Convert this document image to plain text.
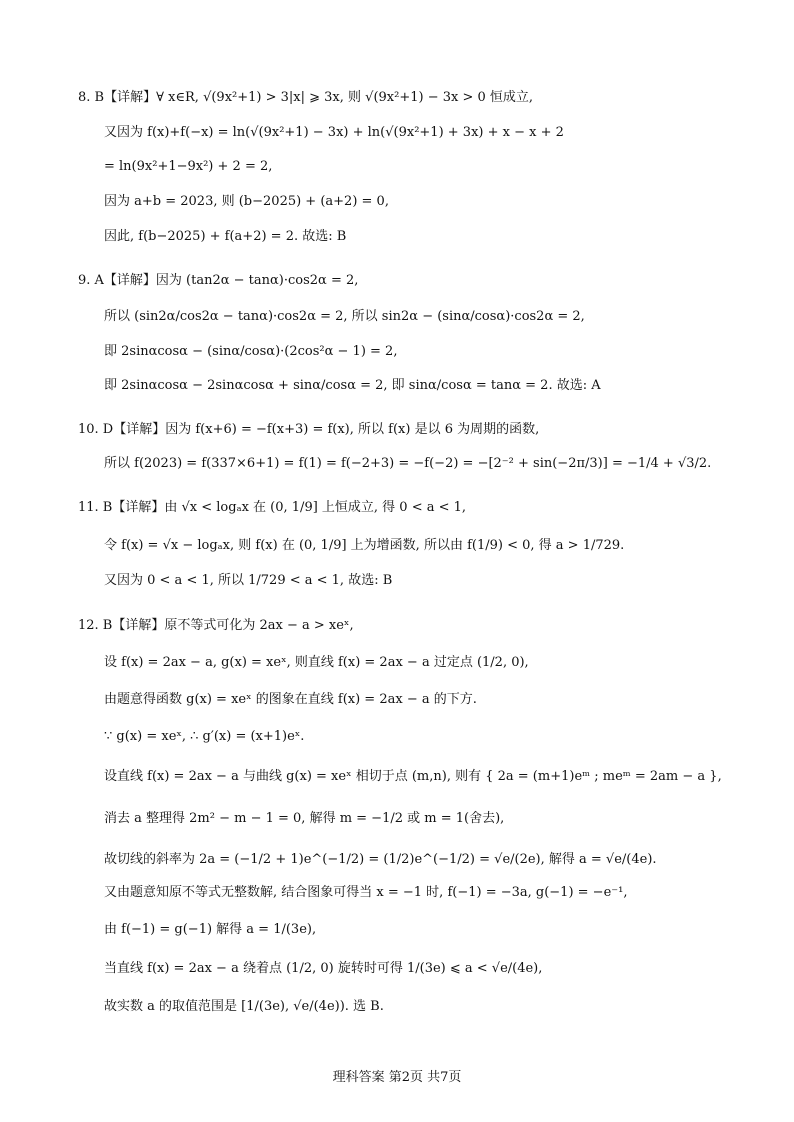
8. B【详解】∀ x∈R, √(9x²+1) > 3|x| ⩾ 3x, 则 √(9x²+1) − 3x > 0 恒成立,
又因为 f(x)+f(−x) = ln(√(9x²+1) − 3x) + ln(√(9x²+1) + 3x) + x − x + 2
= ln(9x²+1−9x²) + 2 = 2,
因为 a+b = 2023, 则 (b−2025) + (a+2) = 0,
因此, f(b−2025) + f(a+2) = 2. 故选: B
9. A【详解】因为 (tan2α − tanα)·cos2α = 2,
所以 (sin2α/cos2α − tanα)·cos2α = 2, 所以 sin2α − (sinα/cosα)·cos2α = 2,
即 2sinαcosα − (sinα/cosα)·(2cos²α − 1) = 2,
即 2sinαcosα − 2sinαcosα + sinα/cosα = 2, 即 sinα/cosα = tanα = 2. 故选: A
10. D【详解】因为 f(x+6) = −f(x+3) = f(x), 所以 f(x) 是以 6 为周期的函数,
所以 f(2023) = f(337×6+1) = f(1) = f(−2+3) = −f(−2) = −[2⁻² + sin(−2π/3)] = −1/4 + √3/2.
11. B【详解】由 √x < logₐx 在 (0, 1/9] 上恒成立, 得 0 < a < 1,
令 f(x) = √x − logₐx, 则 f(x) 在 (0, 1/9] 上为增函数, 所以由 f(1/9) < 0, 得 a > 1/729.
又因为 0 < a < 1, 所以 1/729 < a < 1, 故选: B
12. B【详解】原不等式可化为 2ax − a > xeˣ,
设 f(x) = 2ax − a, g(x) = xeˣ, 则直线 f(x) = 2ax − a 过定点 (1/2, 0),
由题意得函数 g(x) = xeˣ 的图象在直线 f(x) = 2ax − a 的下方.
∵ g(x) = xeˣ, ∴ g′(x) = (x+1)eˣ.
设直线 f(x) = 2ax − a 与曲线 g(x) = xeˣ 相切于点 (m,n), 则有 { 2a = (m+1)eᵐ ; meᵐ = 2am − a },
消去 a 整理得 2m² − m − 1 = 0, 解得 m = −1/2 或 m = 1(舍去),
故切线的斜率为 2a = (−1/2 + 1)e^(−1/2) = (1/2)e^(−1/2) = √e/(2e), 解得 a = √e/(4e).
又由题意知原不等式无整数解, 结合图象可得当 x = −1 时, f(−1) = −3a, g(−1) = −e⁻¹,
由 f(−1) = g(−1) 解得 a = 1/(3e),
当直线 f(x) = 2ax − a 绕着点 (1/2, 0) 旋转时可得 1/(3e) ⩽ a < √e/(4e),
故实数 a 的取值范围是 [1/(3e), √e/(4e)). 选 B.
理科答案 第2页 共7页
